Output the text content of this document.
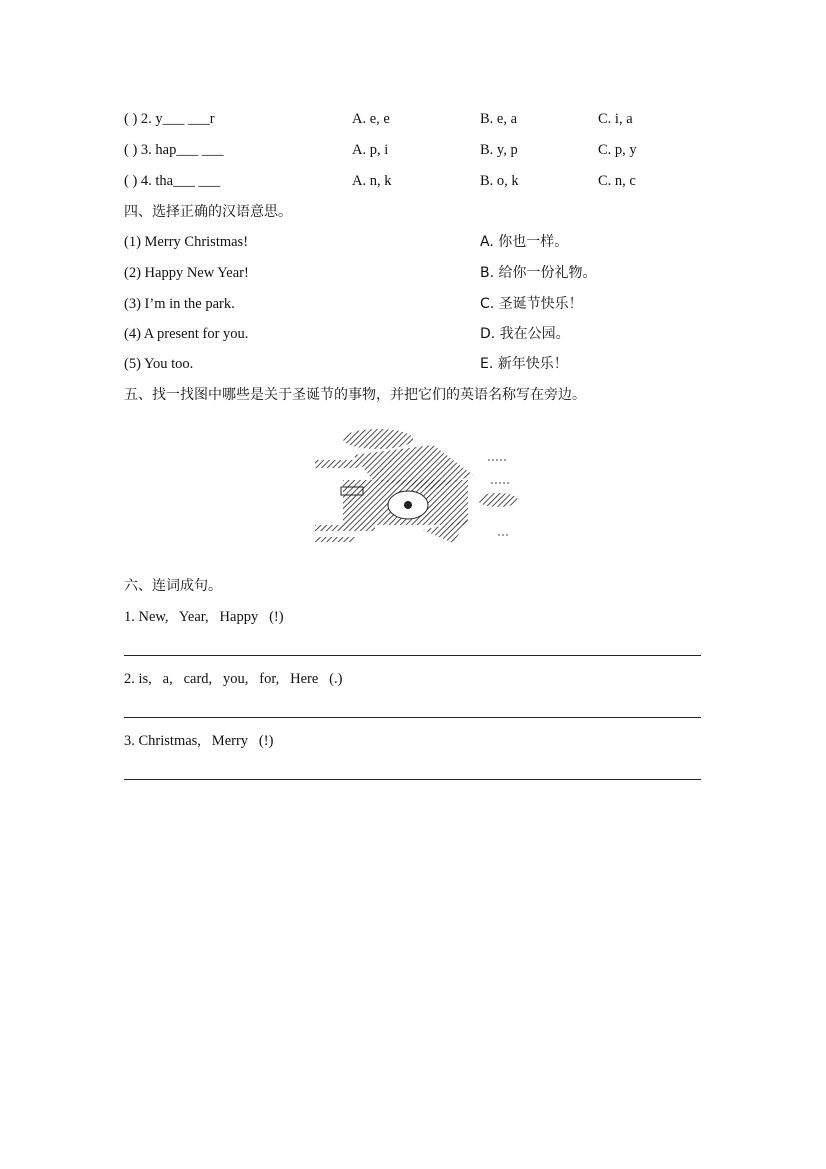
( ) 2. y___ ___r	A. e, e	B. e, a	C. i, a
( ) 3. hap___ ___	A. p, i	B. y, p	C. p, y
( ) 4. tha___ ___	A. n, k	B. o, k	C. n, c
四、选择正确的汉语意思。
(1) Merry Christmas!	A. 你也一样。
(2) Happy New Year!	B. 给你一份礼物。
(3) I’m in the park.	C. 圣诞节快乐！
(4) A present for you.	D. 我在公园。
(5) You too.	E. 新年快乐！
五、找一找图中哪些是关于圣诞节的事物，并把它们的英语名称写在旁边。
六、连词成句。
1. New,   Year,   Happy   (!)
2. is,   a,   card,   you,   for,   Here   (.)
3. Christmas,   Merry   (!)
